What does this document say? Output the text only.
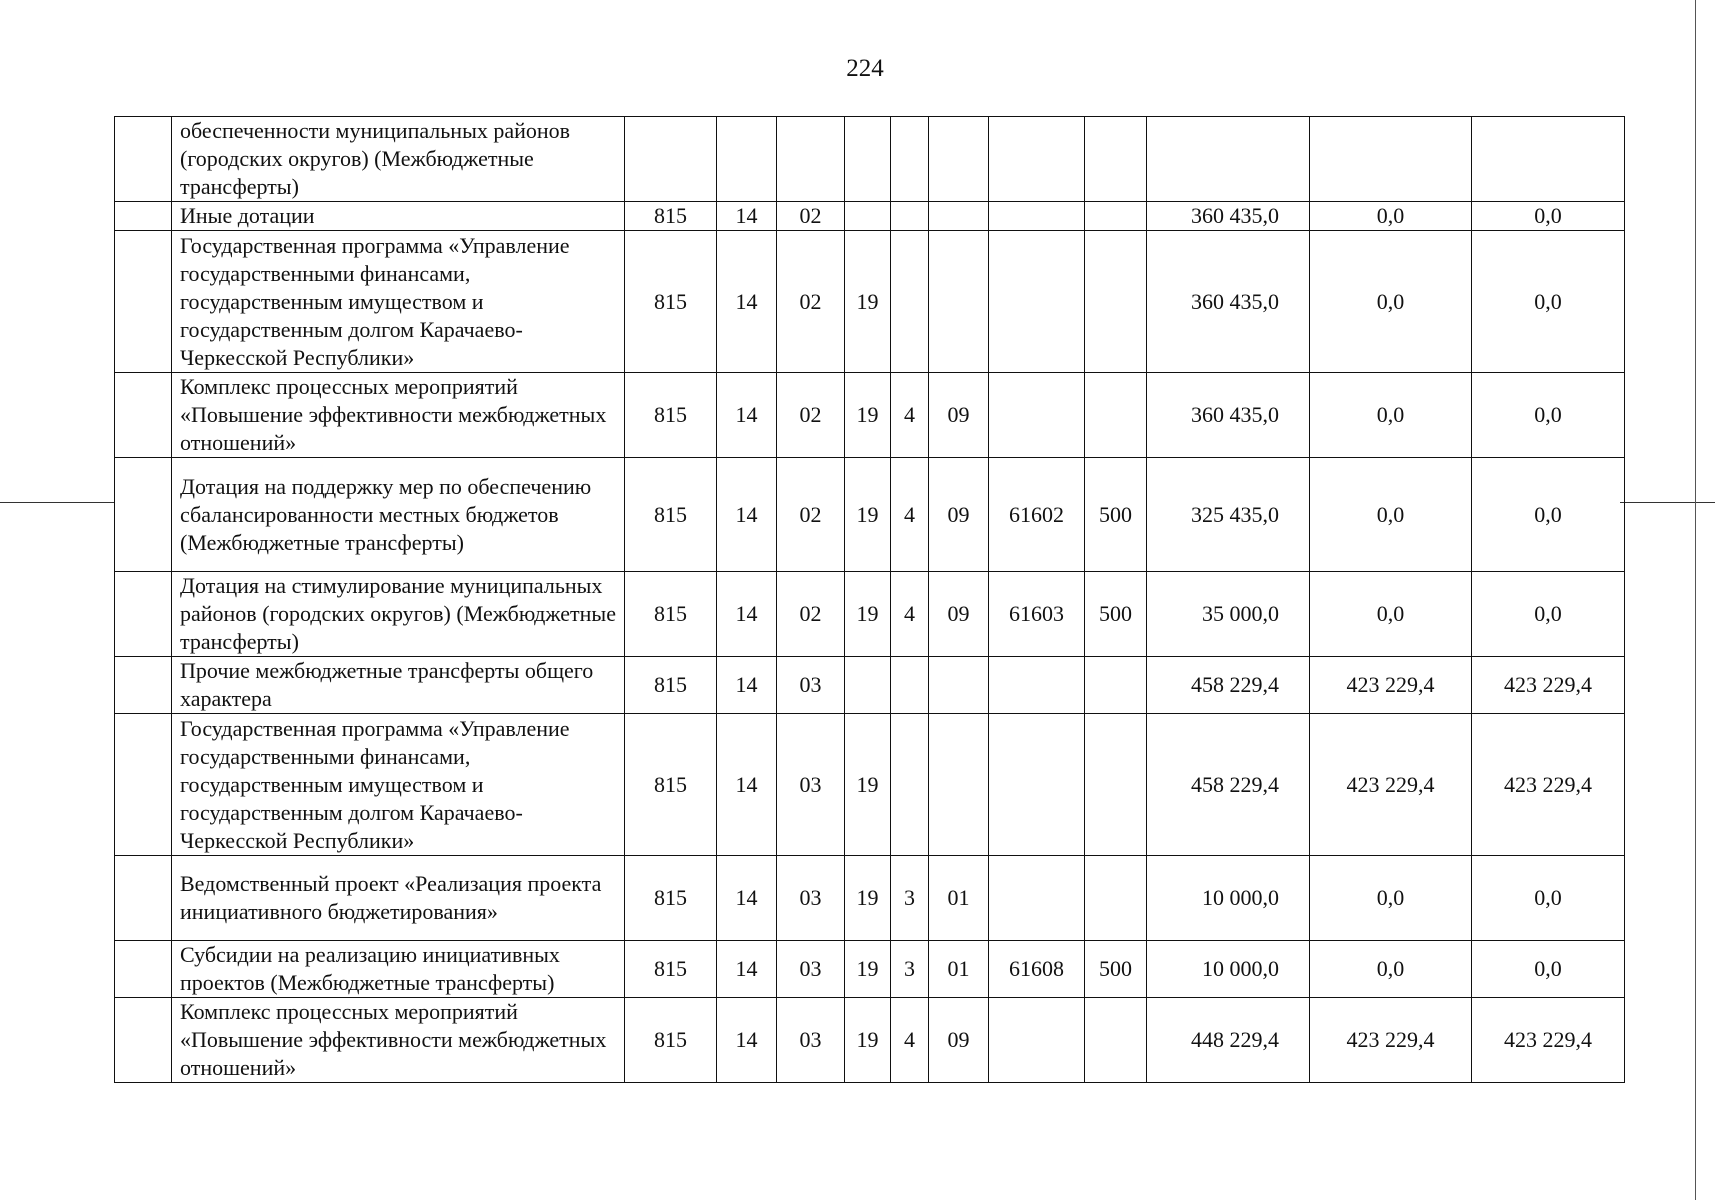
224
	обеспеченности муниципальных районов (городских округов) (Межбюджетные трансферты)											
	Иные дотации	815	14	02						360 435,0	0,0	0,0
	Государственная программа «Управление государственными финансами, государственным имуществом и государственным долгом Карачаево-Черкесской Республики»	815	14	02	19					360 435,0	0,0	0,0
	Комплекс процессных мероприятий «Повышение эффективности межбюджетных отношений»	815	14	02	19	4	09			360 435,0	0,0	0,0
	Дотация на поддержку мер по обеспечению сбалансированности местных бюджетов (Межбюджетные трансферты)	815	14	02	19	4	09	61602	500	325 435,0	0,0	0,0
	Дотация на стимулирование муниципальных районов (городских округов) (Межбюджетные трансферты)	815	14	02	19	4	09	61603	500	35 000,0	0,0	0,0
	Прочие межбюджетные трансферты общего характера	815	14	03						458 229,4	423 229,4	423 229,4
	Государственная программа «Управление государственными финансами, государственным имуществом и государственным долгом Карачаево-Черкесской Республики»	815	14	03	19					458 229,4	423 229,4	423 229,4
	Ведомственный проект «Реализация проекта инициативного бюджетирования»	815	14	03	19	3	01			10 000,0	0,0	0,0
	Субсидии на реализацию инициативных проектов (Межбюджетные трансферты)	815	14	03	19	3	01	61608	500	10 000,0	0,0	0,0
	Комплекс процессных мероприятий «Повышение эффективности межбюджетных отношений»	815	14	03	19	4	09			448 229,4	423 229,4	423 229,4
